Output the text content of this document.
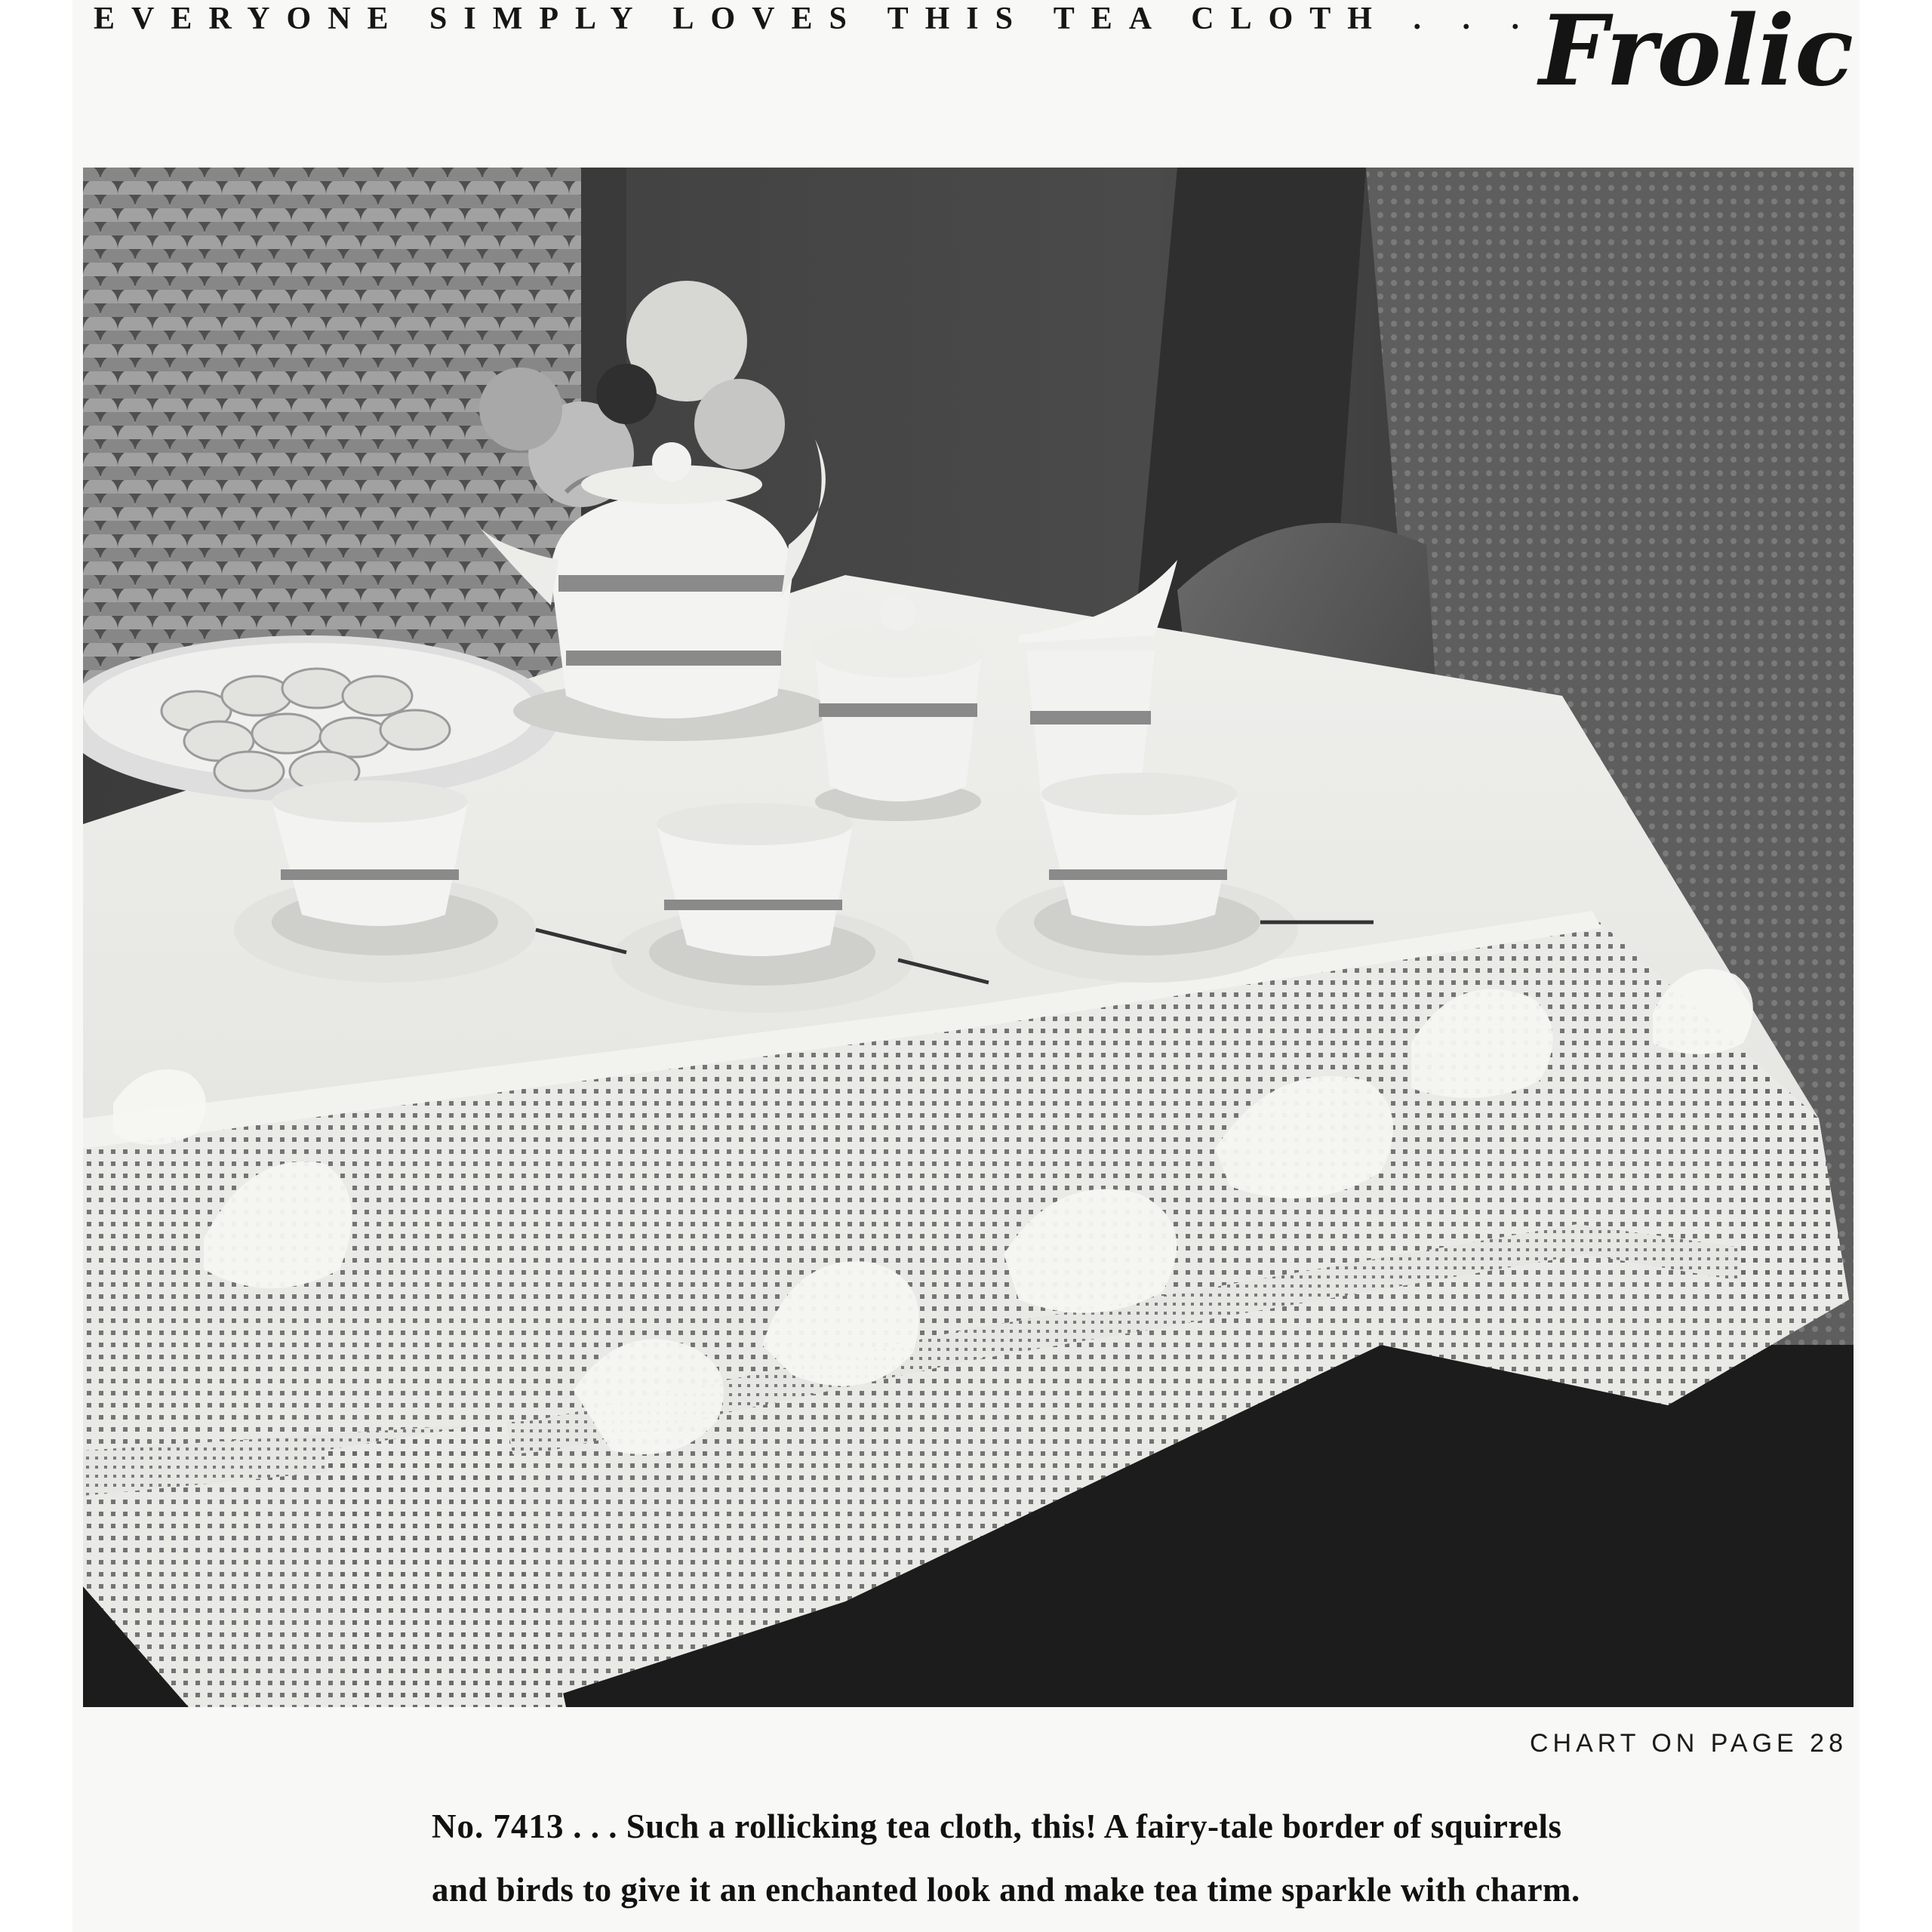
EVERYONE SIMPLY LOVES THIS TEA CLOTH . . . Frolic
CHART ON PAGE 28
No. 7413 . . . Such a rollicking tea cloth, this! A fairy-tale border of squirrels
and birds to give it an enchanted look and make tea time sparkle with charm.
